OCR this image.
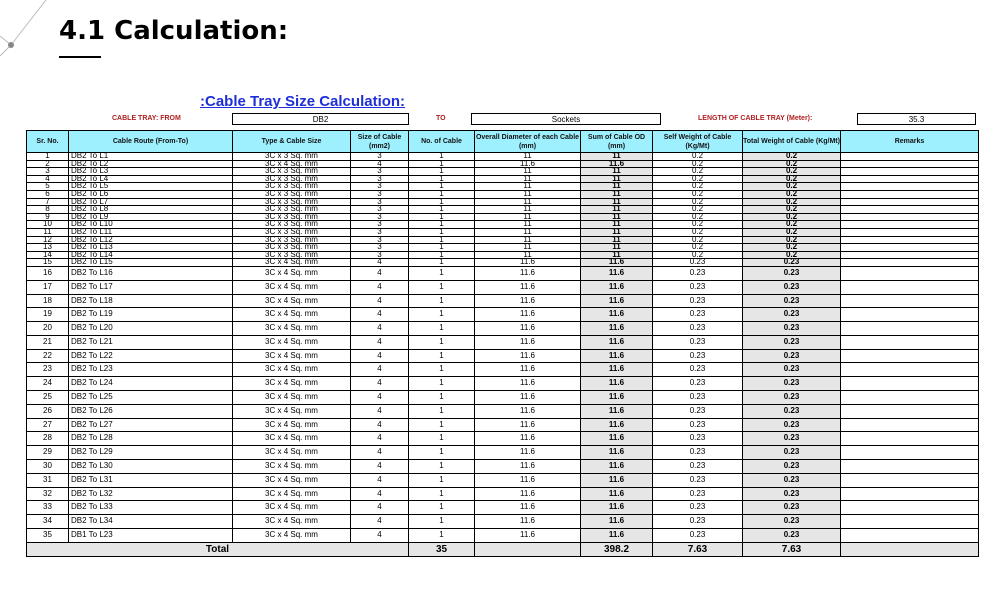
4.1 Calculation:
:Cable Tray Size Calculation:
CABLE TRAY: FROM	DB2	TO	Sockets	LENGTH OF CABLE TRAY (Meter):	35.3
Sr. No.	Cable Route (From-To)	Type & Cable Size	Size of Cable (mm2)	No. of Cable	Overall Diameter of each Cable (mm)	Sum of Cable OD (mm)	Self Weight of Cable (Kg/Mt)	Total Weight of Cable (Kg/Mt)	Remarks
1	DB2 To L1	3C x 3 Sq. mm	3	1	11	11	0.2	0.2	
2	DB2 To L2	3C x 4 Sq. mm	4	1	11.6	11.6	0.2	0.2	
3	DB2 To L3	3C x 3 Sq. mm	3	1	11	11	0.2	0.2	
4	DB2 To L4	3C x 3 Sq. mm	3	1	11	11	0.2	0.2	
5	DB2 To L5	3C x 3 Sq. mm	3	1	11	11	0.2	0.2	
6	DB2 To L6	3C x 3 Sq. mm	3	1	11	11	0.2	0.2	
7	DB2 To L7	3C x 3 Sq. mm	3	1	11	11	0.2	0.2	
8	DB2 To L8	3C x 3 Sq. mm	3	1	11	11	0.2	0.2	
9	DB2 To L9	3C x 3 Sq. mm	3	1	11	11	0.2	0.2	
10	DB2 To L10	3C x 3 Sq. mm	3	1	11	11	0.2	0.2	
11	DB2 To L11	3C x 3 Sq. mm	3	1	11	11	0.2	0.2	
12	DB2 To L12	3C x 3 Sq. mm	3	1	11	11	0.2	0.2	
13	DB2 To L13	3C x 3 Sq. mm	3	1	11	11	0.2	0.2	
14	DB2 To L14	3C x 3 Sq. mm	3	1	11	11	0.2	0.2	
15	DB2 To L15	3C x 4 Sq. mm	4	1	11.6	11.6	0.23	0.23	
16	DB2 To L16	3C x 4 Sq. mm	4	1	11.6	11.6	0.23	0.23	
17	DB2 To L17	3C x 4 Sq. mm	4	1	11.6	11.6	0.23	0.23	
18	DB2 To L18	3C x 4 Sq. mm	4	1	11.6	11.6	0.23	0.23	
19	DB2 To L19	3C x 4 Sq. mm	4	1	11.6	11.6	0.23	0.23	
20	DB2 To L20	3C x 4 Sq. mm	4	1	11.6	11.6	0.23	0.23	
21	DB2 To L21	3C x 4 Sq. mm	4	1	11.6	11.6	0.23	0.23	
22	DB2 To L22	3C x 4 Sq. mm	4	1	11.6	11.6	0.23	0.23	
23	DB2 To L23	3C x 4 Sq. mm	4	1	11.6	11.6	0.23	0.23	
24	DB2 To L24	3C x 4 Sq. mm	4	1	11.6	11.6	0.23	0.23	
25	DB2 To L25	3C x 4 Sq. mm	4	1	11.6	11.6	0.23	0.23	
26	DB2 To L26	3C x 4 Sq. mm	4	1	11.6	11.6	0.23	0.23	
27	DB2 To L27	3C x 4 Sq. mm	4	1	11.6	11.6	0.23	0.23	
28	DB2 To L28	3C x 4 Sq. mm	4	1	11.6	11.6	0.23	0.23	
29	DB2 To L29	3C x 4 Sq. mm	4	1	11.6	11.6	0.23	0.23	
30	DB2 To L30	3C x 4 Sq. mm	4	1	11.6	11.6	0.23	0.23	
31	DB2 To L31	3C x 4 Sq. mm	4	1	11.6	11.6	0.23	0.23	
32	DB2 To L32	3C x 4 Sq. mm	4	1	11.6	11.6	0.23	0.23	
33	DB2 To L33	3C x 4 Sq. mm	4	1	11.6	11.6	0.23	0.23	
34	DB2 To L34	3C x 4 Sq. mm	4	1	11.6	11.6	0.23	0.23	
35	DB1 To L23	3C x 4 Sq. mm	4	1	11.6	11.6	0.23	0.23	
Total				35		398.2	7.63	7.63	
